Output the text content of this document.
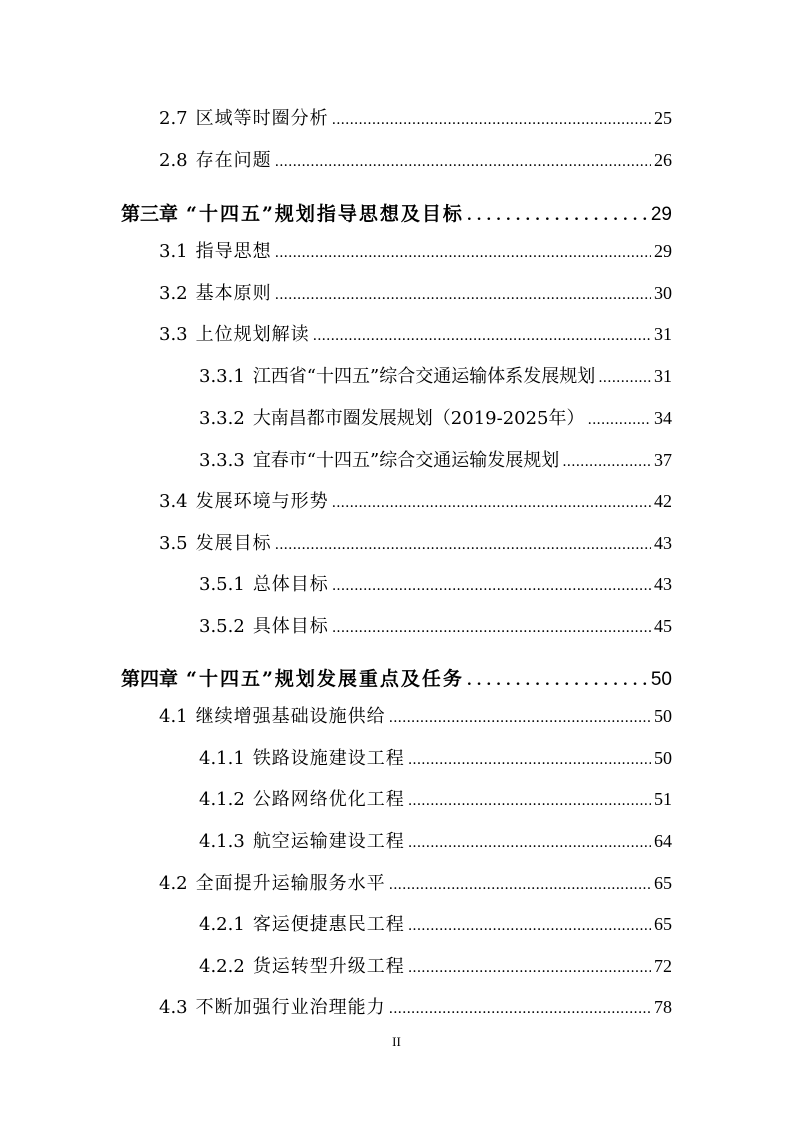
2.7 区域等时圈分析 .....	25
2.8 存在问题 .....	26
第三章 “十四五”规划指导思想及目标 . .	29
3.1 指导思想 .....	29
3.2 基本原则 .....	30
3.3 上位规划解读 .....	31
3.3.1 江西省“十四五”综合交通运输体系发展规划 .....	31
3.3.2 大南昌都市圈发展规划（2019-2025年） .....	34
3.3.3 宜春市“十四五”综合交通运输发展规划 .....	37
3.4 发展环境与形势 .....	42
3.5 发展目标 .....	43
3.5.1 总体目标 .....	43
3.5.2 具体目标 .....	45
第四章 “十四五”规划发展重点及任务 . .	50
4.1 继续增强基础设施供给 .....	50
4.1.1 铁路设施建设工程 .....	50
4.1.2 公路网络优化工程 .....	51
4.1.3 航空运输建设工程 .....	64
4.2 全面提升运输服务水平 .....	65
4.2.1 客运便捷惠民工程 .....	65
4.2.2 货运转型升级工程 .....	72
4.3 不断加强行业治理能力 .....	78
II
